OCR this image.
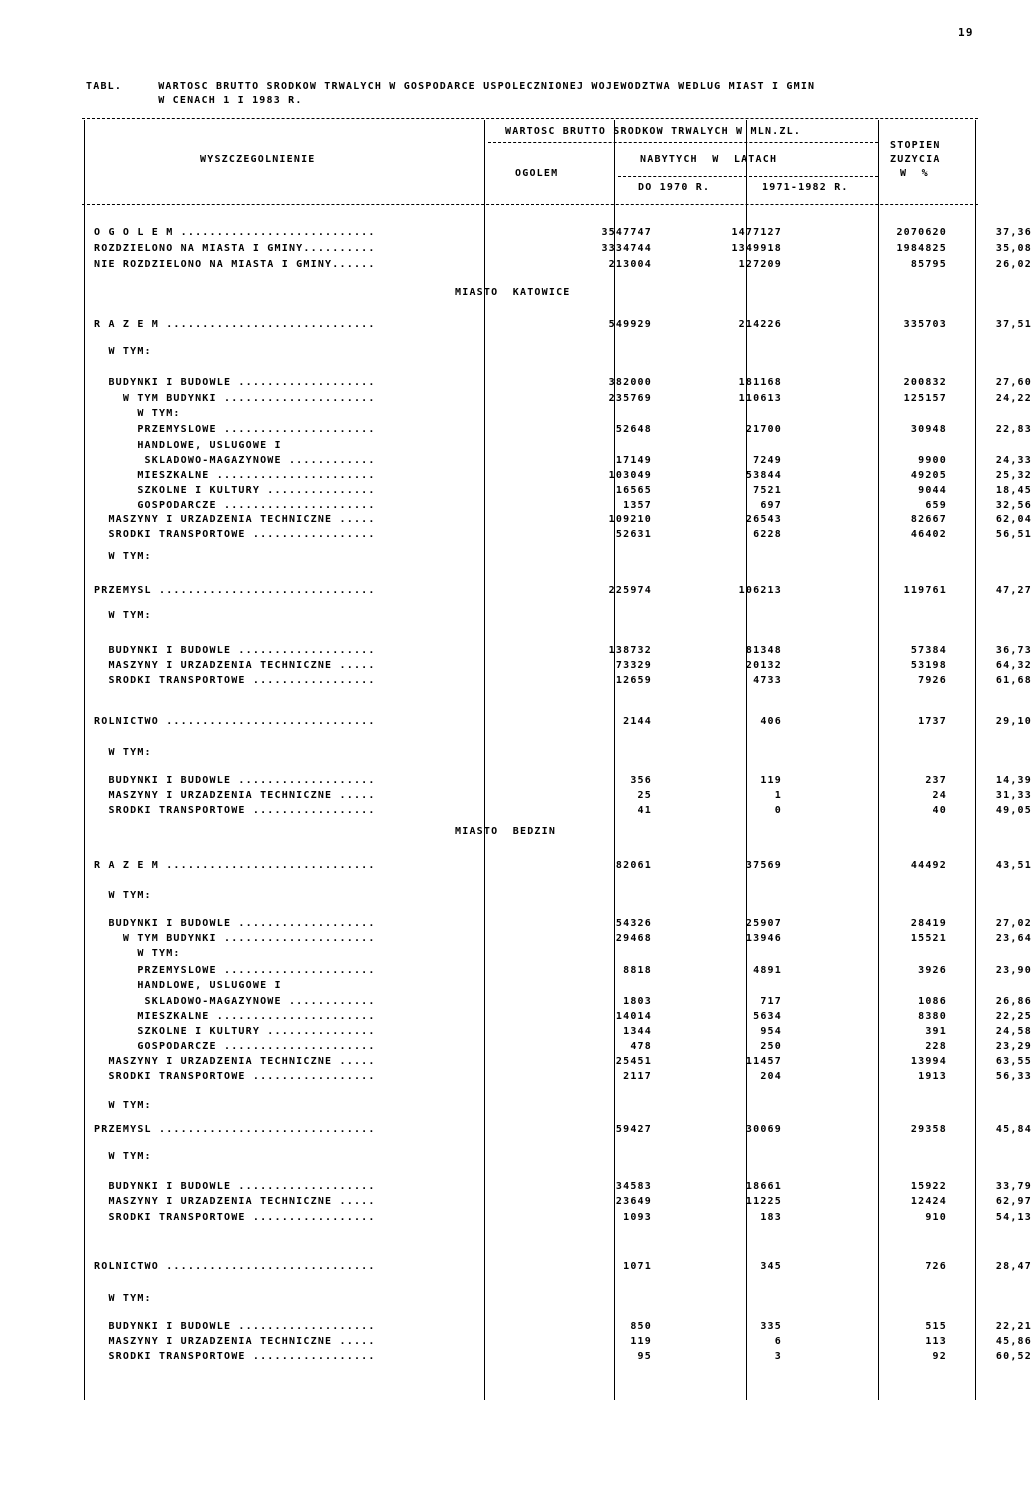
19
TABL.     WARTOSC BRUTTO SRODKOW TRWALYCH W GOSPODARCE USPOLECZNIONEJ WOJEWODZTWA WEDLUG MIAST I GMIN
W CENACH 1 I 1983 R.
WYSZCZEGOLNIENIE
WARTOSC BRUTTO SRODKOW TRWALYCH W MLN.ZL.
OGOLEM
NABYTYCH  W  LATACH
DO 1970 R.	1971-1982 R.
STOPIEN
ZUZYCIA
W  %
MIASTO  KATOWICE
MIASTO  BEDZIN
O G O L E M ...........................	3547747	1477127	2070620	37,36
ROZDZIELONO NA MIASTA I GMINY..........	3334744	1349918	1984825	35,08
NIE ROZDZIELONO NA MIASTA I GMINY......	213004	127209	85795	26,02
R A Z E M .............................	549929	214226	335703	37,51
W TYM:
BUDYNKI I BUDOWLE ...................	382000	181168	200832	27,60
W TYM BUDYNKI .....................	235769	110613	125157	24,22
W TYM:
PRZEMYSLOWE .....................	52648	21700	30948	22,83
HANDLOWE, USLUGOWE I
SKLADOWO-MAGAZYNOWE ............	17149	7249	9900	24,33
MIESZKALNE ......................	103049	53844	49205	25,32
SZKOLNE I KULTURY ...............	16565	7521	9044	18,45
GOSPODARCZE .....................	1357	697	659	32,56
MASZYNY I URZADZENIA TECHNICZNE .....	109210	26543	82667	62,04
SRODKI TRANSPORTOWE .................	52631	6228	46402	56,51
W TYM:
PRZEMYSL ..............................	225974	106213	119761	47,27
W TYM:
BUDYNKI I BUDOWLE ...................	138732	81348	57384	36,73
MASZYNY I URZADZENIA TECHNICZNE .....	73329	20132	53198	64,32
SRODKI TRANSPORTOWE .................	12659	4733	7926	61,68
ROLNICTWO .............................	2144	406	1737	29,10
W TYM:
BUDYNKI I BUDOWLE ...................	356	119	237	14,39
MASZYNY I URZADZENIA TECHNICZNE .....	25	1	24	31,33
SRODKI TRANSPORTOWE .................	41	0	40	49,05
R A Z E M .............................	82061	37569	44492	43,51
W TYM:
BUDYNKI I BUDOWLE ...................	54326	25907	28419	27,02
W TYM BUDYNKI .....................	29468	13946	15521	23,64
W TYM:
PRZEMYSLOWE .....................	8818	4891	3926	23,90
HANDLOWE, USLUGOWE I
SKLADOWO-MAGAZYNOWE ............	1803	717	1086	26,86
MIESZKALNE ......................	14014	5634	8380	22,25
SZKOLNE I KULTURY ...............	1344	954	391	24,58
GOSPODARCZE .....................	478	250	228	23,29
MASZYNY I URZADZENIA TECHNICZNE .....	25451	11457	13994	63,55
SRODKI TRANSPORTOWE .................	2117	204	1913	56,33
W TYM:
PRZEMYSL ..............................	59427	30069	29358	45,84
W TYM:
BUDYNKI I BUDOWLE ...................	34583	18661	15922	33,79
MASZYNY I URZADZENIA TECHNICZNE .....	23649	11225	12424	62,97
SRODKI TRANSPORTOWE .................	1093	183	910	54,13
ROLNICTWO .............................	1071	345	726	28,47
W TYM:
BUDYNKI I BUDOWLE ...................	850	335	515	22,21
MASZYNY I URZADZENIA TECHNICZNE .....	119	6	113	45,86
SRODKI TRANSPORTOWE .................	95	3	92	60,52
